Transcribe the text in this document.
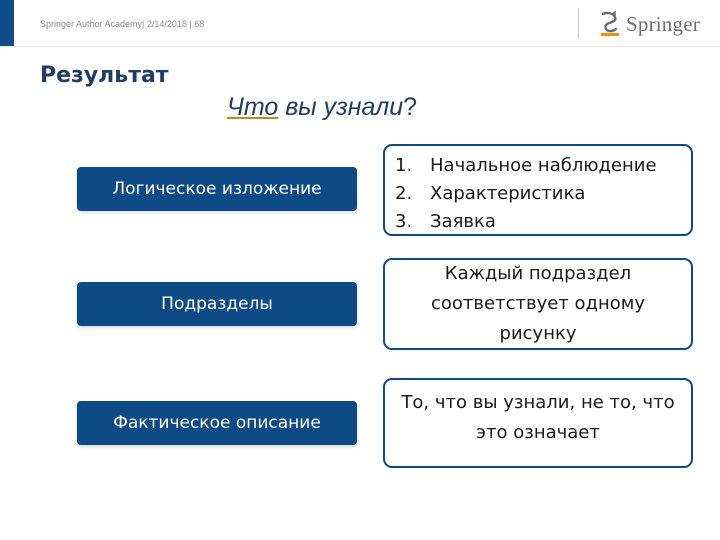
Springer Author Academy| 2/14/2018 | 68	Springer
Результат
Что вы узнали?
Логическое изложение
1. Начальное наблюдение
2. Характеристика
3. Заявка
Подразделы
Каждый подраздел соответствует одному рисунку
Фактическое описание
То, что вы узнали, не то, что это означает
